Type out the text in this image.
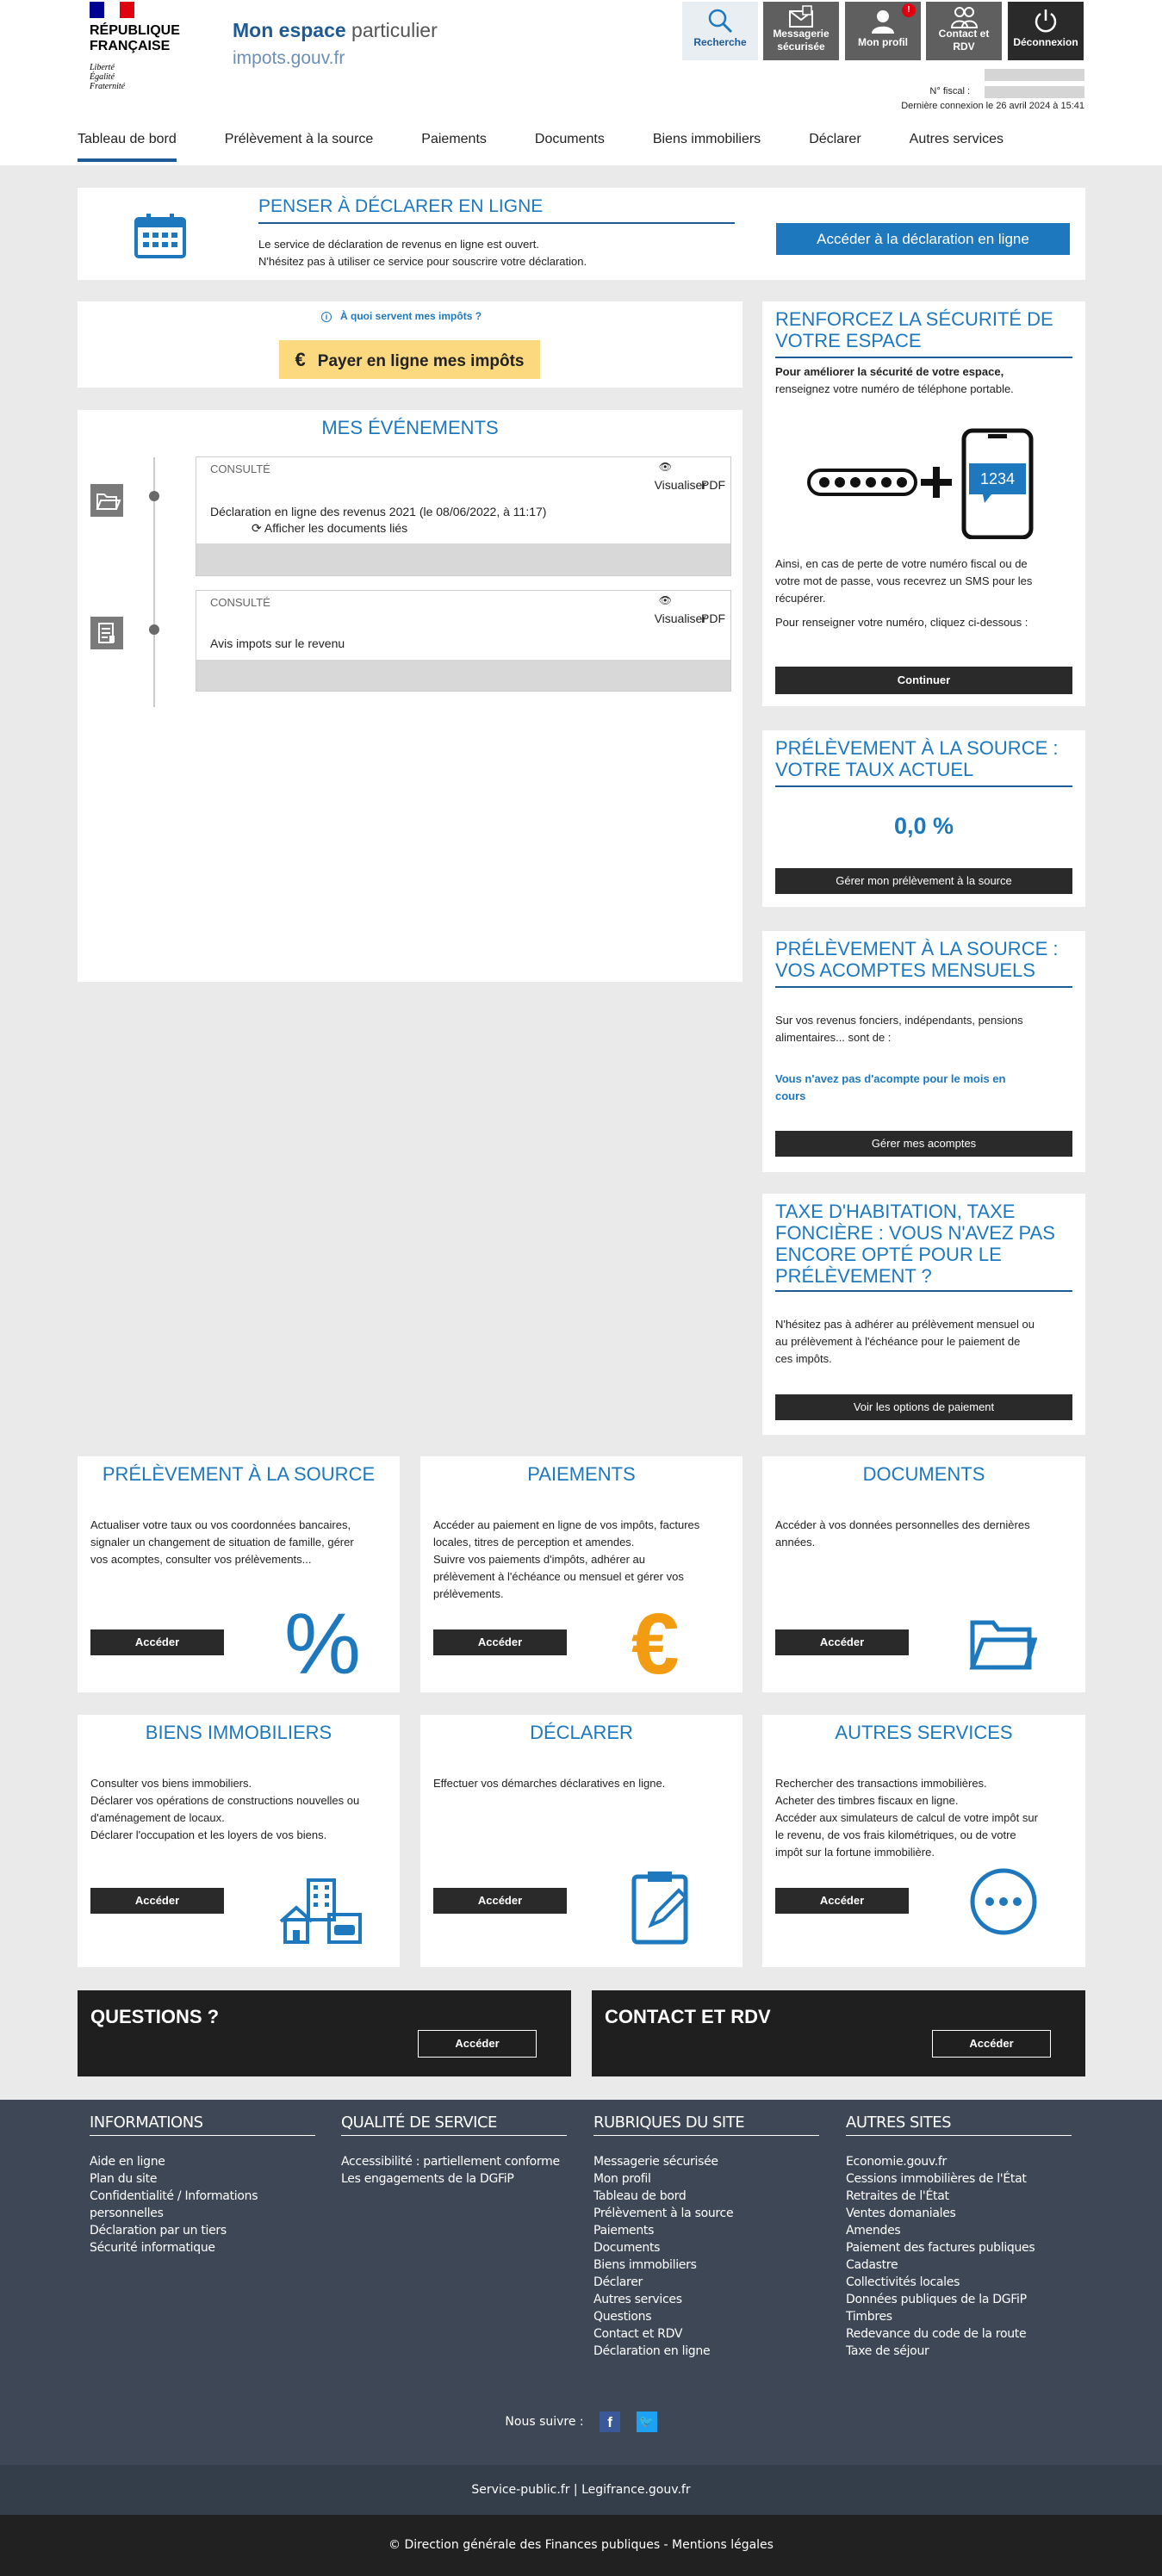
RÉPUBLIQUE
FRANÇAISE
Liberté
Égalité
Fraternité
Mon espace particulier
impots.gouv.fr
Recherche
Messagerie
sécurisée
!
Mon profil
Contact et
RDV	Déconnexion
N° fiscal :
Dernière connexion le 26 avril 2024 à 15:41
Tableau de bord	Prélèvement à la source	Paiements	Documents	Biens immobiliers	Déclarer	Autres services
PENSER À DÉCLARER EN LIGNE
Le service de déclaration de revenus en ligne est ouvert.
N'hésitez pas à utiliser ce service pour souscrire votre déclaration.
Accéder à la déclaration en ligne
i À quoi servent mes impôts ?
€ Payer en ligne mes impôts
MES ÉVÉNEMENTS
CONSULTÉ	👁
Visualiser
PDF
Déclaration en ligne des revenus 2021 (le 08/06/2022, à 11:17)
⟳ Afficher les documents liés
CONSULTÉ	👁
Visualiser
PDF
Avis impots sur le revenu
RENFORCEZ LA SÉCURITÉ DE
VOTRE ESPACE
Pour améliorer la sécurité de votre espace,
renseignez votre numéro de téléphone portable.
1234
Ainsi, en cas de perte de votre numéro fiscal ou de
votre mot de passe, vous recevrez un SMS pour les
récupérer.
Pour renseigner votre numéro, cliquez ci-dessous :
Continuer
PRÉLÈVEMENT À LA SOURCE :
VOTRE TAUX ACTUEL
0,0 %
Gérer mon prélèvement à la source
PRÉLÈVEMENT À LA SOURCE :
VOS ACOMPTES MENSUELS
Sur vos revenus fonciers, indépendants, pensions
alimentaires... sont de :
Vous n'avez pas d'acompte pour le mois en
cours
Gérer mes acomptes
TAXE D'HABITATION, TAXE
FONCIÈRE : VOUS N'AVEZ PAS
ENCORE OPTÉ POUR LE
PRÉLÈVEMENT ?
N'hésitez pas à adhérer au prélèvement mensuel ou
au prélèvement à l'échéance pour le paiement de
ces impôts.
Voir les options de paiement
PRÉLÈVEMENT À LA SOURCE
Actualiser votre taux ou vos coordonnées bancaires,
signaler un changement de situation de famille, gérer
vos acomptes, consulter vos prélèvements...
Accéder	%
PAIEMENTS
Accéder au paiement en ligne de vos impôts, factures
locales, titres de perception et amendes.
Suivre vos paiements d'impôts, adhérer au
prélèvement à l'échéance ou mensuel et gérer vos
prélèvements.
Accéder	€
DOCUMENTS
Accéder à vos données personnelles des dernières
années.
Accéder
BIENS IMMOBILIERS
Consulter vos biens immobiliers.
Déclarer vos opérations de constructions nouvelles ou
d'aménagement de locaux.
Déclarer l'occupation et les loyers de vos biens.
Accéder
DÉCLARER
Effectuer vos démarches déclaratives en ligne.
Accéder
AUTRES SERVICES
Rechercher des transactions immobilières.
Acheter des timbres fiscaux en ligne.
Accéder aux simulateurs de calcul de votre impôt sur
le revenu, de vos frais kilométriques, ou de votre
impôt sur la fortune immobilière.
Accéder
QUESTIONS ?
Accéder
CONTACT ET RDV
Accéder
INFORMATIONS
Aide en ligne
Plan du site
Confidentialité / Informations
personnelles
Déclaration par un tiers
Sécurité informatique
QUALITÉ DE SERVICE
Accessibilité : partiellement conforme
Les engagements de la DGFiP
RUBRIQUES DU SITE
Messagerie sécurisée
Mon profil
Tableau de bord
Prélèvement à la source
Paiements
Documents
Biens immobiliers
Déclarer
Autres services
Questions
Contact et RDV
Déclaration en ligne
AUTRES SITES
Economie.gouv.fr
Cessions immobilières de l'État
Retraites de l'État
Ventes domaniales
Amendes
Paiement des factures publiques
Cadastre
Collectivités locales
Données publiques de la DGFiP
Timbres
Redevance du code de la route
Taxe de séjour
Nous suivre : f 🐦
Service-public.fr | Legifrance.gouv.fr
© Direction générale des Finances publiques - Mentions légales
